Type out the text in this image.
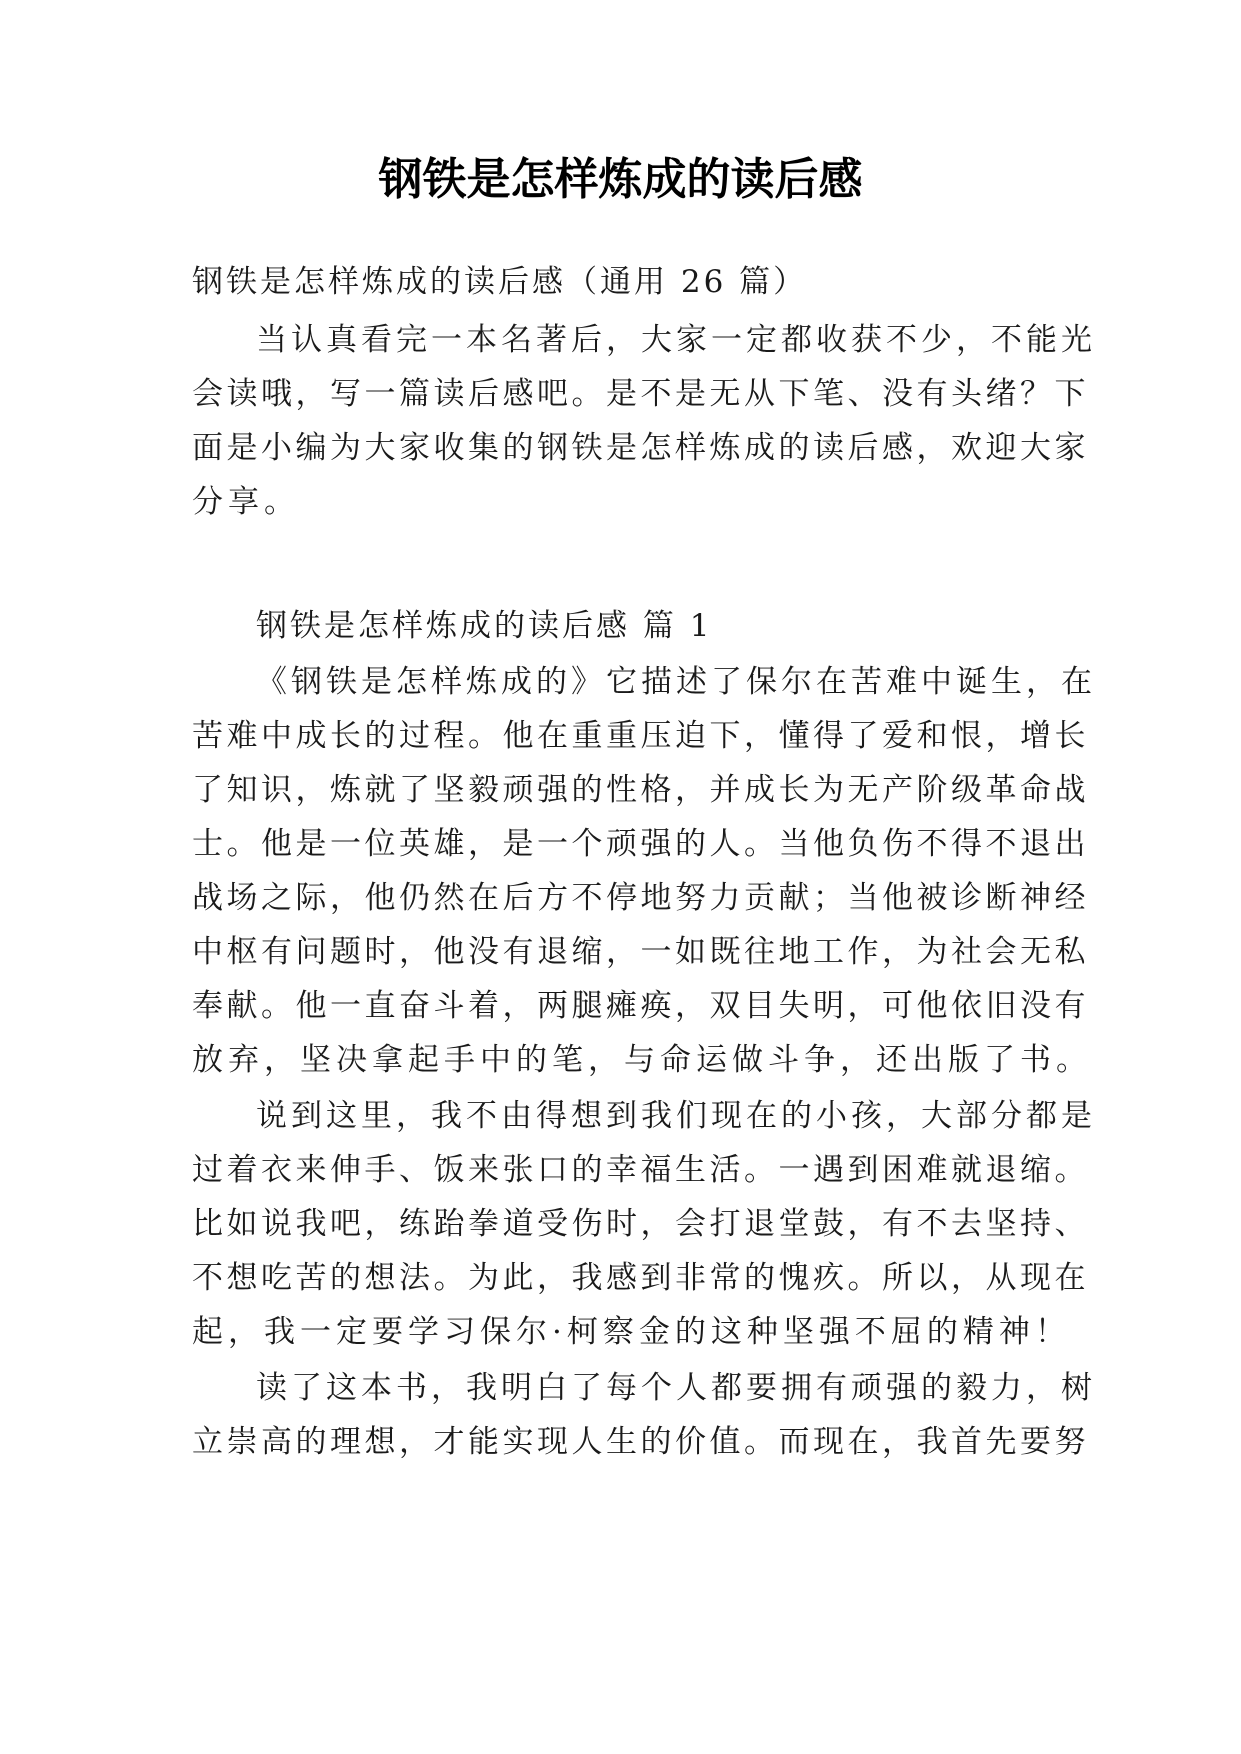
钢铁是怎样炼成的读后感
钢铁是怎样炼成的读后感（通用 26 篇）
当认真看完一本名著后，大家一定都收获不少，不能光
会读哦，写一篇读后感吧。是不是无从下笔、没有头绪？下
面是小编为大家收集的钢铁是怎样炼成的读后感，欢迎大家
分享。
钢铁是怎样炼成的读后感 篇 1
《钢铁是怎样炼成的》它描述了保尔在苦难中诞生，在
苦难中成长的过程。他在重重压迫下，懂得了爱和恨，增长
了知识，炼就了坚毅顽强的性格，并成长为无产阶级革命战
士。他是一位英雄，是一个顽强的人。当他负伤不得不退出
战场之际，他仍然在后方不停地努力贡献；当他被诊断神经
中枢有问题时，他没有退缩，一如既往地工作，为社会无私
奉献。他一直奋斗着，两腿瘫痪，双目失明，可他依旧没有
放弃，坚决拿起手中的笔，与命运做斗争，还出版了书。
说到这里，我不由得想到我们现在的小孩，大部分都是
过着衣来伸手、饭来张口的幸福生活。一遇到困难就退缩。
比如说我吧，练跆拳道受伤时，会打退堂鼓，有不去坚持、
不想吃苦的想法。为此，我感到非常的愧疚。所以，从现在
起，我一定要学习保尔·柯察金的这种坚强不屈的精神！
读了这本书，我明白了每个人都要拥有顽强的毅力，树
立崇高的理想，才能实现人生的价值。而现在，我首先要努
